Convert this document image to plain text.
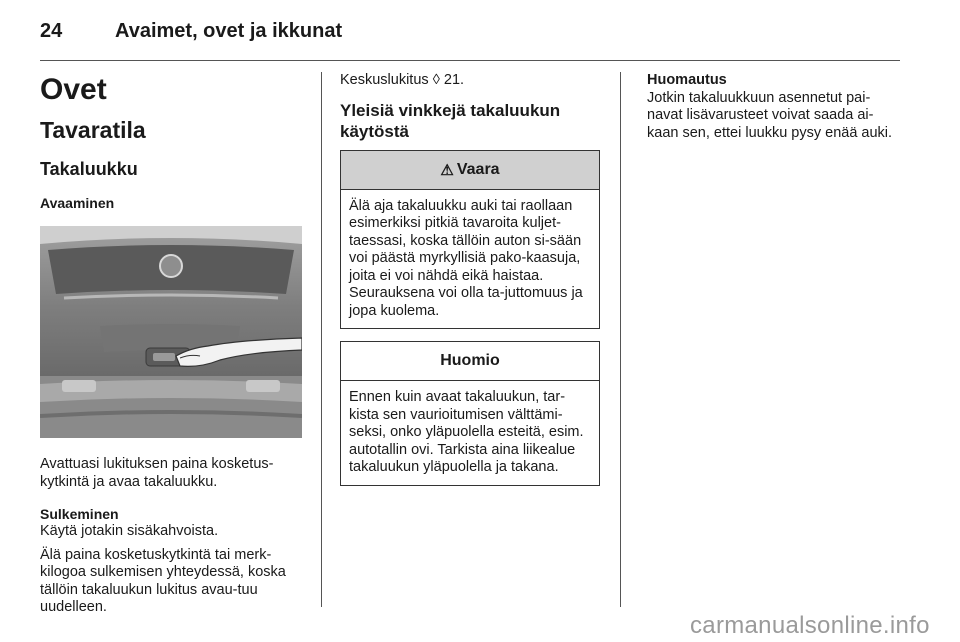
24	Avaimet, ovet ja ikkunat
Ovet
Tavaratila
Takaluukku
Avaaminen

Avattuasi lukituksen paina kosketus-kytkintä ja avaa takaluukku.

Sulkeminen

Käytä jotakin sisäkahvoista.

Älä paina kosketuskytkintä tai merk-kilogoa sulkemisen yhteydessä, koska tällöin takaluukun lukitus avau-tuu uudelleen.

Keskuslukitus ◊ 21.

Yleisiä vinkkejä takaluukun käytöstä
⚠ Vaara

Älä aja takaluukku auki tai raollaan esimerkiksi pitkiä tavaroita kuljet-taessasi, koska tällöin auton si-sään voi päästä myrkyllisiä pako-kaasuja, joita ei voi nähdä eikä haistaa. Seurauksena voi olla ta-juttomuus ja jopa kuolema.

Huomio

Ennen kuin avaat takaluukun, tar-kista sen vaurioitumisen välttämi-seksi, onko yläpuolella esteitä, esim. autotallin ovi. Tarkista aina liikealue takaluukun yläpuolella ja takana.

Huomautus

Jotkin takaluukkuun asennetut pai-navat lisävarusteet voivat saada ai-kaan sen, ettei luukku pysy enää auki.

carmanualsonline.info
